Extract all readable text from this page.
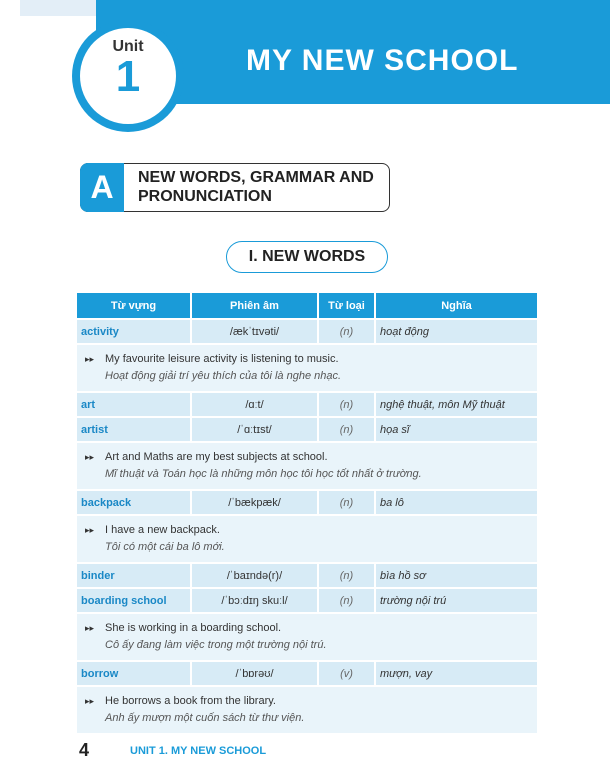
MY NEW SCHOOL
Unit
1
A	NEW WORDS, GRAMMAR AND PRONUNCIATION
I. NEW WORDS
Từ vựng	Phiên âm	Từ loại	Nghĩa
activity	/ækˈtɪvəti/	(n)	hoạt động

▸▸ My favourite leisure activity is listening to music.
Hoạt động giải trí yêu thích của tôi là nghe nhạc.			

art	/ɑːt/	(n)	nghệ thuật, môn Mỹ thuật
artist	/ˈɑːtɪst/	(n)	họa sĩ

▸▸ Art and Maths are my best subjects at school.
Mĩ thuật và Toán học là những môn học tôi học tốt nhất ở trường.			

backpack	/ˈbækpæk/	(n)	ba lô

▸▸ I have a new backpack.
Tôi có một cái ba lô mới.			

binder	/ˈbaɪndə(r)/	(n)	bìa hồ sơ
boarding school	/ˈbɔːdɪŋ skuːl/	(n)	trường nội trú

▸▸ She is working in a boarding school.
Cô ấy đang làm việc trong một trường nội trú.			

borrow	/ˈbɒrəʊ/	(v)	mượn, vay

▸▸ He borrows a book from the library.
Anh ấy mượn một cuốn sách từ thư viện.			
4	UNIT 1. MY NEW SCHOOL
